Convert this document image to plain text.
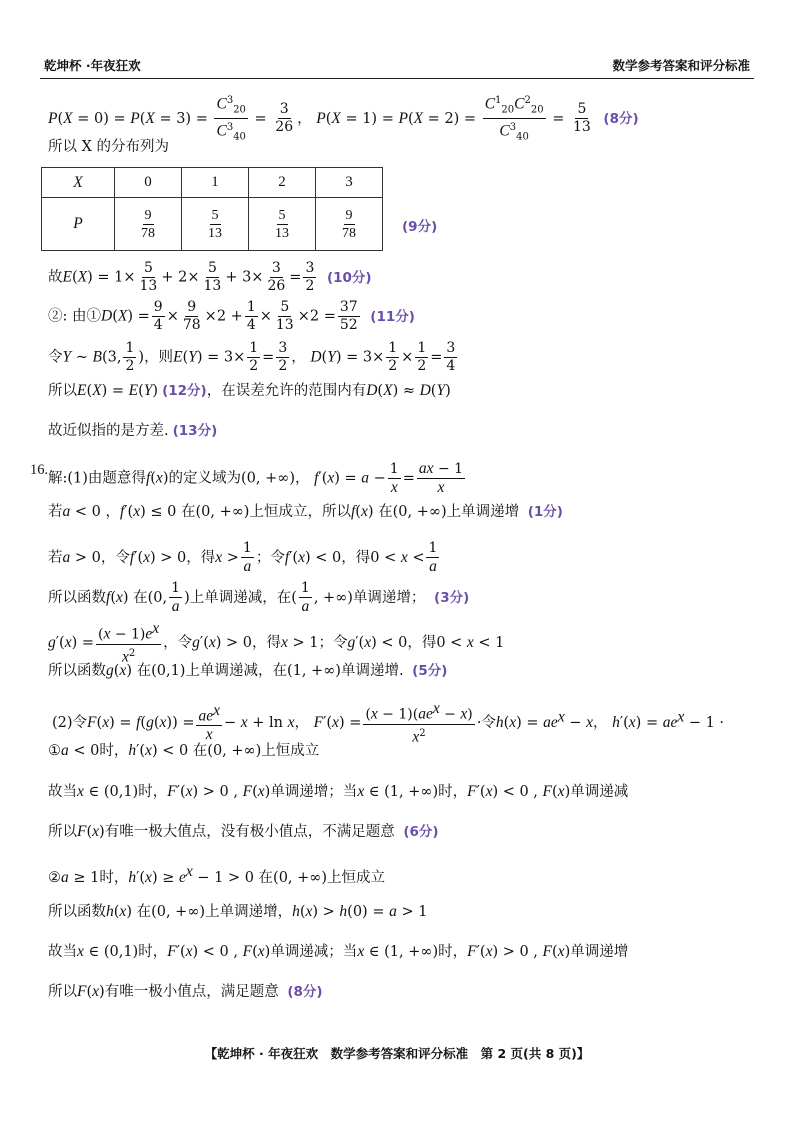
乾坤杯 ·年夜狂欢	数学参考答案和评分标准
$P(X = 0) = P(X = 3) = \frac{C^3_{20}}{C^3_{40}} = \frac{3}{26}$ ， $P(X = 1) = P(X = 2) = \frac{C^1_{20}C^2_{20}}{C^3_{40}} = \frac{5}{13} (8$分)
所以 X 的分布列为
X	0	1	2	3
P	$\frac{9}{78}$	$\frac{5}{13}$	$\frac{5}{13}$	$\frac{9}{78}$	(9分)
故$E(X) = 1\times \frac{5}{13} + 2\times \frac{5}{13} + 3\times \frac{3}{26} = \frac{3}{2} (10$分)
②: 由①D(X) = $\frac{9}{4} \times \frac{9}{78} \times 2 + \frac{1}{4} \times \frac{5}{13} \times 2 = \frac{37}{52} (11$分)
令Y ~ B(3, $\frac{1}{2}$ )，则$E(Y) = 3\times \frac{1}{2} = \frac{3}{2}$ ， $D(Y) = 3\times \frac{1}{2} \times \frac{1}{2} = \frac{3}{4}$
所以E(X) = E(Y) (12分)，在误差允许的范围内有D(X) ≈ D(Y)
故近似指的是方差. (13分)
16.
解:(1)由题意得f(x)的定义域为(0, +∞)， $f'(x) = a - \frac{1}{x} = \frac{ax - 1}{x}$
若a < 0 ，f′(x) ≤ 0 在(0, +∞)上恒成立，所以f(x) 在(0, +∞)上单调递增 (1分)
若a > 0，令f′(x) > 0，得$x > \frac{1}{a}$ ；令f′(x) < 0，得$0 < x < \frac{1}{a}$
所以函数f(x) 在(0, $\frac{1}{a}$ )上单调递减，在( $\frac{1}{a}$ , +∞)单调递增； (3分)
$g'(x) = \frac{(x - 1)e^x}{x^2}$ ，令g′(x) > 0，得x > 1；令g′(x) < 0，得0 < x < 1
所以函数g(x) 在(0,1)上单调递减，在(1, +∞)单调递增. (5分)
(2)令$F(x) = f(g(x)) = \frac{ae^x}{x} - x + \ln x$， $F'(x) = \frac{(x - 1)(ae^x - x)}{x^2}$ ·令$h(x) = ae^x - x$， $h'(x) = ae^x - 1$ ·
①a < 0时，h′(x) < 0 在(0, +∞)上恒成立
故当x ∈ (0,1)时，F′(x) > 0 , F(x)单调递增；当x ∈ (1, +∞)时，F′(x) < 0 , F(x)单调递减
所以F(x)有唯一极大值点，没有极小值点，不满足题意 (6分)
②a ≥ 1时，$h'(x) \ge e^x - 1 > 0$ 在(0, +∞)上恒成立
所以函数h(x) 在(0, +∞)上单调递增，h(x) > h(0) = a > 1
故当x ∈ (0,1)时，F′(x) < 0 , F(x)单调递减；当x ∈ (1, +∞)时，F′(x) > 0 , F(x)单调递增
所以F(x)有唯一极小值点，满足题意 (8分)
【乾坤杯 · 年夜狂欢　数学参考答案和评分标准　第 2 页(共 8 页)】
